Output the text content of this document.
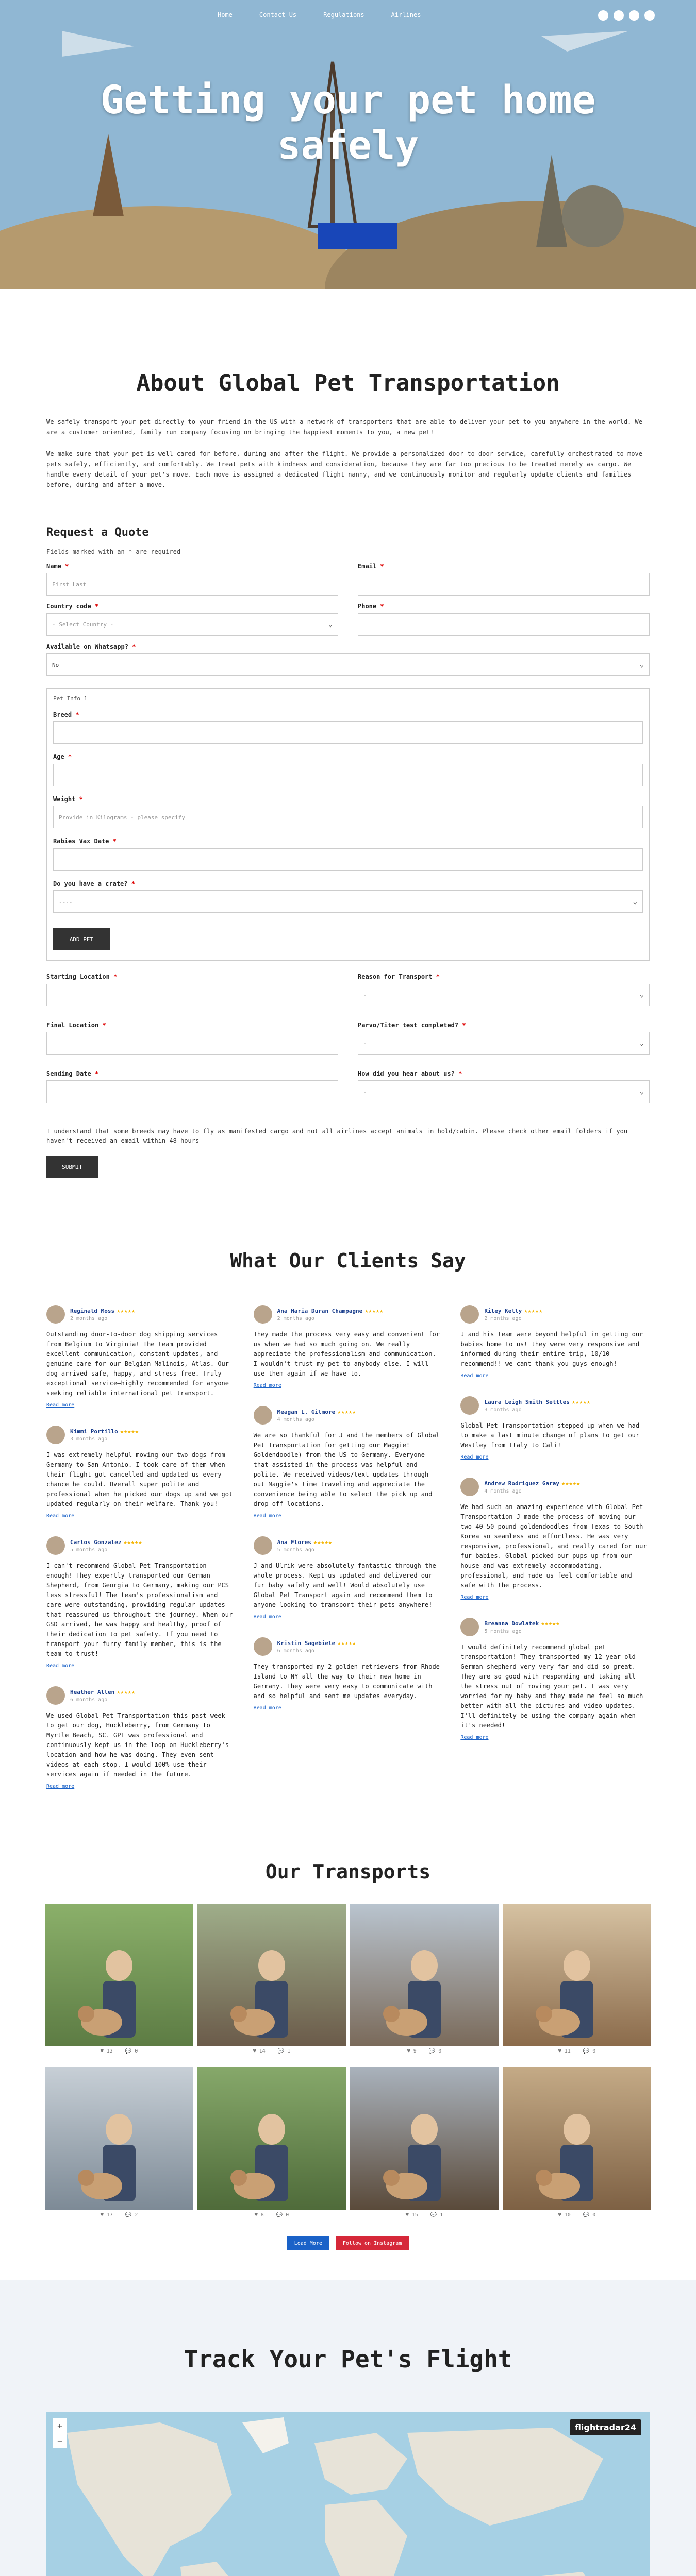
Home	Contact Us	Regulations	Airlines
Getting your pet home
safely
About Global Pet Transportation

We safely transport your pet directly to your friend in the US with a network of transporters that are able to deliver your pet to you anywhere in the world. We are a customer oriented, family run company focusing on bringing the happiest moments to you, a new pet!

We make sure that your pet is well cared for before, during and after the flight. We provide a personalized door-to-door service, carefully orchestrated to move pets safely, efficiently, and comfortably. We treat pets with kindness and consideration, because they are far too precious to be treated merely as cargo. We handle every detail of your pet's move. Each move is assigned a dedicated flight nanny, and we continuously monitor and regularly update clients and families before, during and after a move.

Request a Quote
Fields marked with an * are required
Name *
First Last
Email *
Country code *
- Select Country -
⌄
Phone *
Available on Whatsapp? *
No
⌄
Pet Info 1
Breed *
Age *
Weight *
Provide in Kilograms - please specify
Rabies Vax Date *
Do you have a crate? *
----
⌄
ADD PET
Starting Location *	Reason for Transport *
-
⌄
Final Location *	Parvo/Titer test completed? *
-
⌄
Sending Date *	How did you hear about us? *
-
⌄

I understand that some breeds may have to fly as manifested cargo and not all airlines accept animals in hold/cabin. Please check other email folders if you haven't received an email within 48 hours

SUBMIT
What Our Clients Say
Reginald Moss ★★★★★
2 months ago

Outstanding door-to-door dog shipping services from Belgium to Virginia! The team provided excellent communication, constant updates, and genuine care for our Belgian Malinois, Atlas. Our dog arrived safe, happy, and stress-free. Truly exceptional service—highly recommended for anyone seeking reliable international pet transport.

Read more
Kimmi Portillo ★★★★★
3 months ago

I was extremely helpful moving our two dogs from Germany to San Antonio. I took care of them when their flight got cancelled and updated us every chance he could. Overall super polite and professional when he picked our dogs up and we got updated regularly on their welfare. Thank you!

Read more
Carlos Gonzalez ★★★★★
5 months ago

I can't recommend Global Pet Transportation enough! They expertly transported our German Shepherd, from Georgia to Germany, making our PCS less stressful! The team's professionalism and care were outstanding, providing regular updates that reassured us throughout the journey. When our GSD arrived, he was happy and healthy, proof of their dedication to pet safety. If you need to transport your furry family member, this is the team to trust!

Read more
Heather Allen ★★★★★
6 months ago

We used Global Pet Transportation this past week to get our dog, Huckleberry, from Germany to Myrtle Beach, SC. GPT was professional and continuously kept us in the loop on Huckleberry's location and how he was doing. They even sent videos at each stop. I would 100% use their services again if needed in the future.

Read more
Ana Maria Duran Champagne ★★★★★
2 months ago

They made the process very easy and convenient for us when we had so much going on. We really appreciate the professionalism and communication. I wouldn't trust my pet to anybody else. I will use them again if we have to.

Read more
Meagan L. Gilmore ★★★★★
4 months ago

We are so thankful for J and the members of Global Pet Transportation for getting our Maggie! Goldendoodle) from the US to Germany. Everyone that assisted in the process was helpful and polite. We received videos/text updates through out Maggie's time traveling and appreciate the convenience being able to select the pick up and drop off locations.

Read more
Ana Flores ★★★★★
5 months ago

J and Ulrik were absolutely fantastic through the whole process. Kept us updated and delivered our fur baby safely and well! Would absolutely use Global Pet Transport again and recommend them to anyone looking to transport their pets anywhere!

Read more
Kristin Sagebiele ★★★★★
6 months ago

They transported my 2 golden retrievers from Rhode Island to NY all the way to their new home in Germany. They were very easy to communicate with and so helpful and sent me updates everyday.

Read more
Riley Kelly ★★★★★
2 months ago

J and his team were beyond helpful in getting our babies home to us! they were very responsive and informed during their entire trip, 10/10 recommend!! we cant thank you guys enough!

Read more
Laura Leigh Smith Settles ★★★★★
3 months ago

Global Pet Transportation stepped up when we had to make a last minute change of plans to get our Westley from Italy to Cali!

Read more
Andrew Rodriguez Garay ★★★★★
4 months ago

We had such an amazing experience with Global Pet Transportation J made the process of moving our two 40-50 pound goldendoodles from Texas to South Korea so seamless and effortless. He was very responsive, professional, and really cared for our fur babies. Global picked our pups up from our house and was extremely accommodating, professional, and made us feel comfortable and safe with the process.

Read more
Breanna Dowlatek ★★★★★
5 months ago

I would definitely recommend global pet transportation! They transported my 12 year old German shepherd very very far and did so great. They are so good with responding and taking all the stress out of moving your pet. I was very worried for my baby and they made me feel so much better with all the pictures and video updates. I'll definitely be using the company again when it's needed!

Read more
Our Transports
♥ 12 💬 0	♥ 14 💬 1	♥ 9 💬 0	♥ 11 💬 0
♥ 17 💬 2	♥ 8 💬 0	♥ 15 💬 1	♥ 10 💬 0
Load More	Follow on Instagram
Track Your Pet's Flight
+
−
flightradar24
